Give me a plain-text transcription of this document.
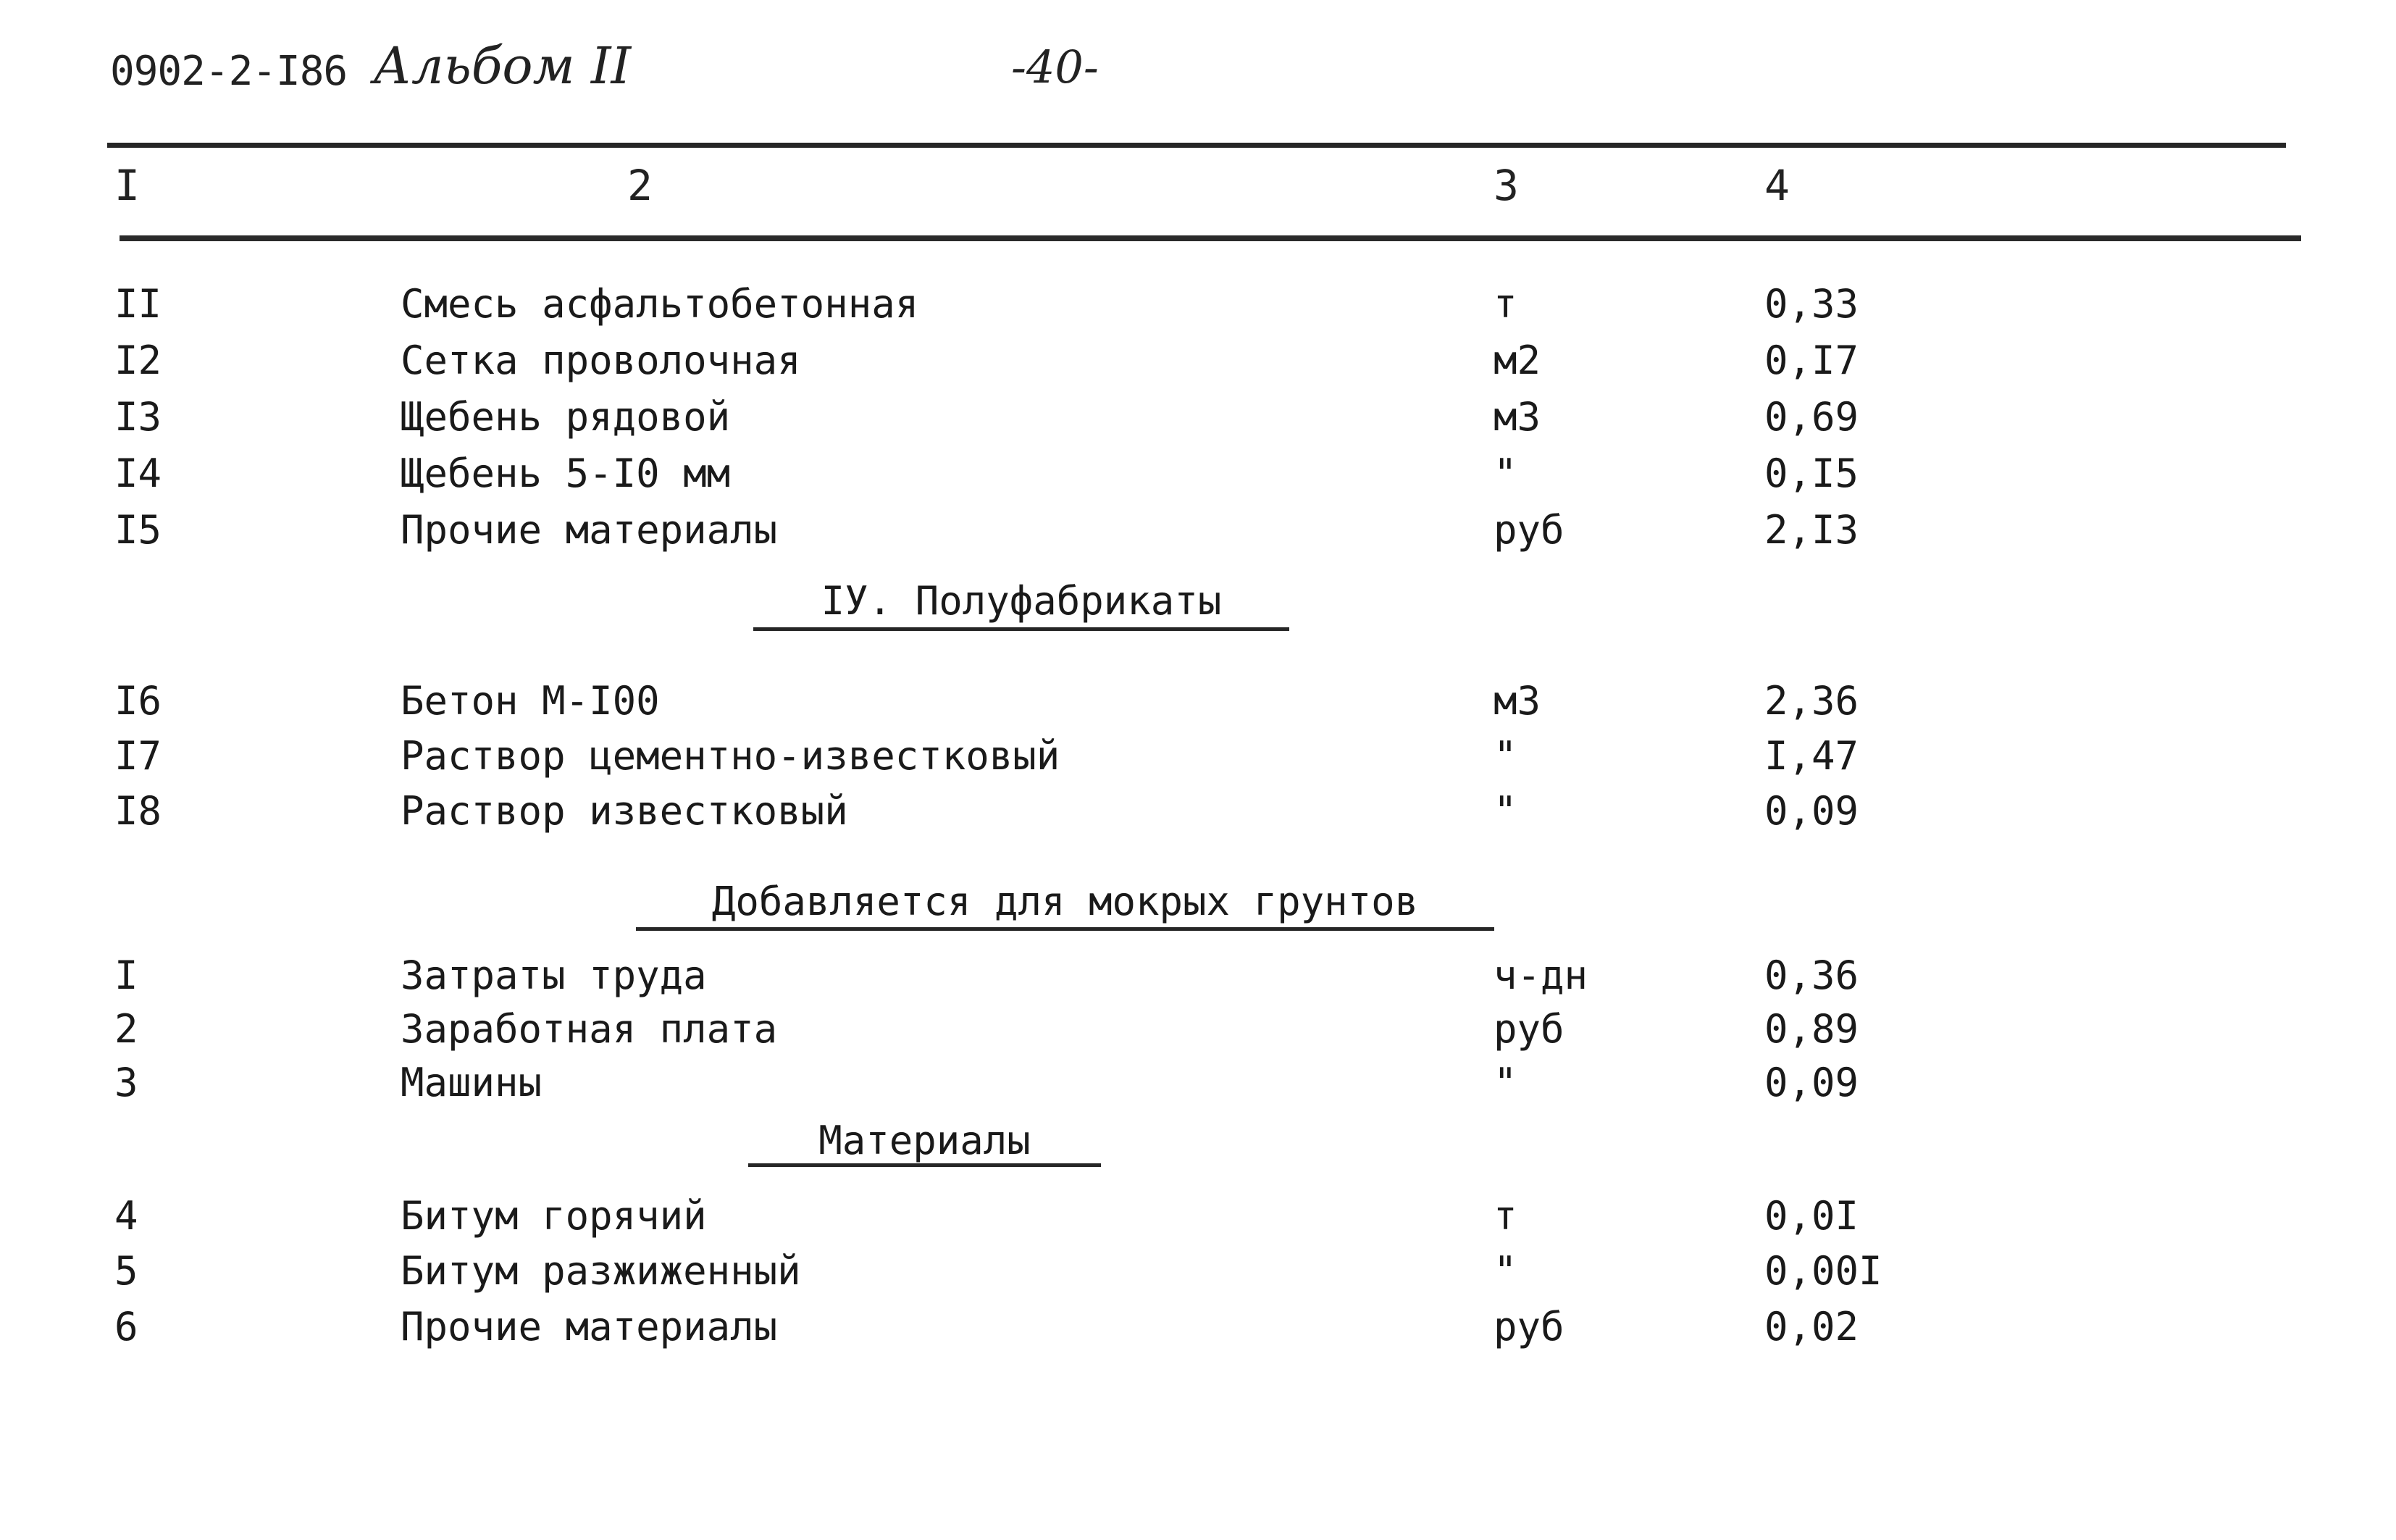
0902-2-I86 Альбом II	-40-
I	2	3	4
II	Смесь асфальтобетонная	т	0,33
I2	Сетка проволочная	м2	0,I7
I3	Щебень рядовой	м3	0,69
I4	Щебень 5-I0 мм	"	0,I5
I5	Прочие материалы	руб	2,I3
IУ. Полуфабрикаты
I6	Бетон М-I00	м3	2,36
I7	Раствор цементно-известковый	"	I,47
I8	Раствор известковый	"	0,09
Добавляется для мокрых грунтов
I	Затраты труда	ч-дн	0,36
2	Заработная плата	руб	0,89
3	Машины	"	0,09
Материалы
4	Битум горячий	т	0,0I
5	Битум разжиженный	"	0,00I
6	Прочие материалы	руб	0,02
